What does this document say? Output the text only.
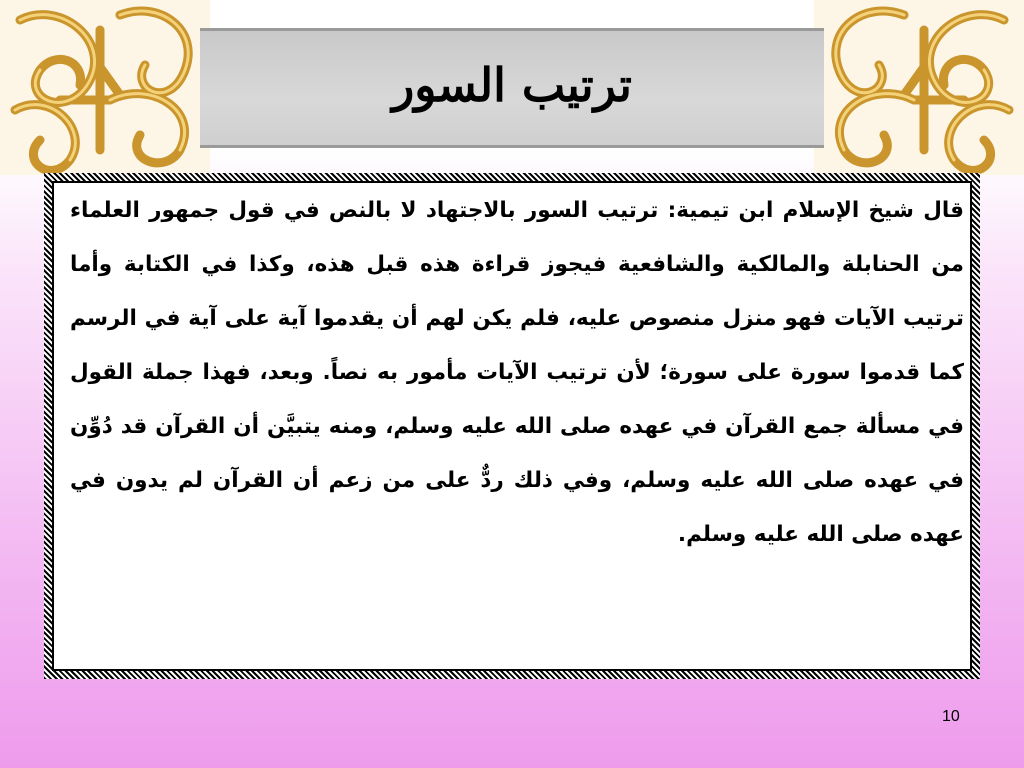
ترتيب السور
قال شيخ الإسلام ابن تيمية: ترتيب السور بالاجتهاد لا بالنص في قول جمهور العلماء من الحنابلة والمالكية والشافعية فيجوز قراءة هذه قبل هذه، وكذا في الكتابة وأما ترتيب الآيات فهو منزل منصوص عليه، فلم يكن لهم أن يقدموا آية على آية في الرسم كما قدموا سورة على سورة؛ لأن ترتيب الآيات مأمور به نصاً. وبعد، فهذا جملة القول في مسألة جمع القرآن في عهده صلى الله عليه وسلم، ومنه يتبيَّن أن القرآن قد دُوِّن في عهده صلى الله عليه وسلم، وفي ذلك ردٌّ على من زعم أن القرآن لم يدون في عهده صلى الله عليه وسلم.
10
